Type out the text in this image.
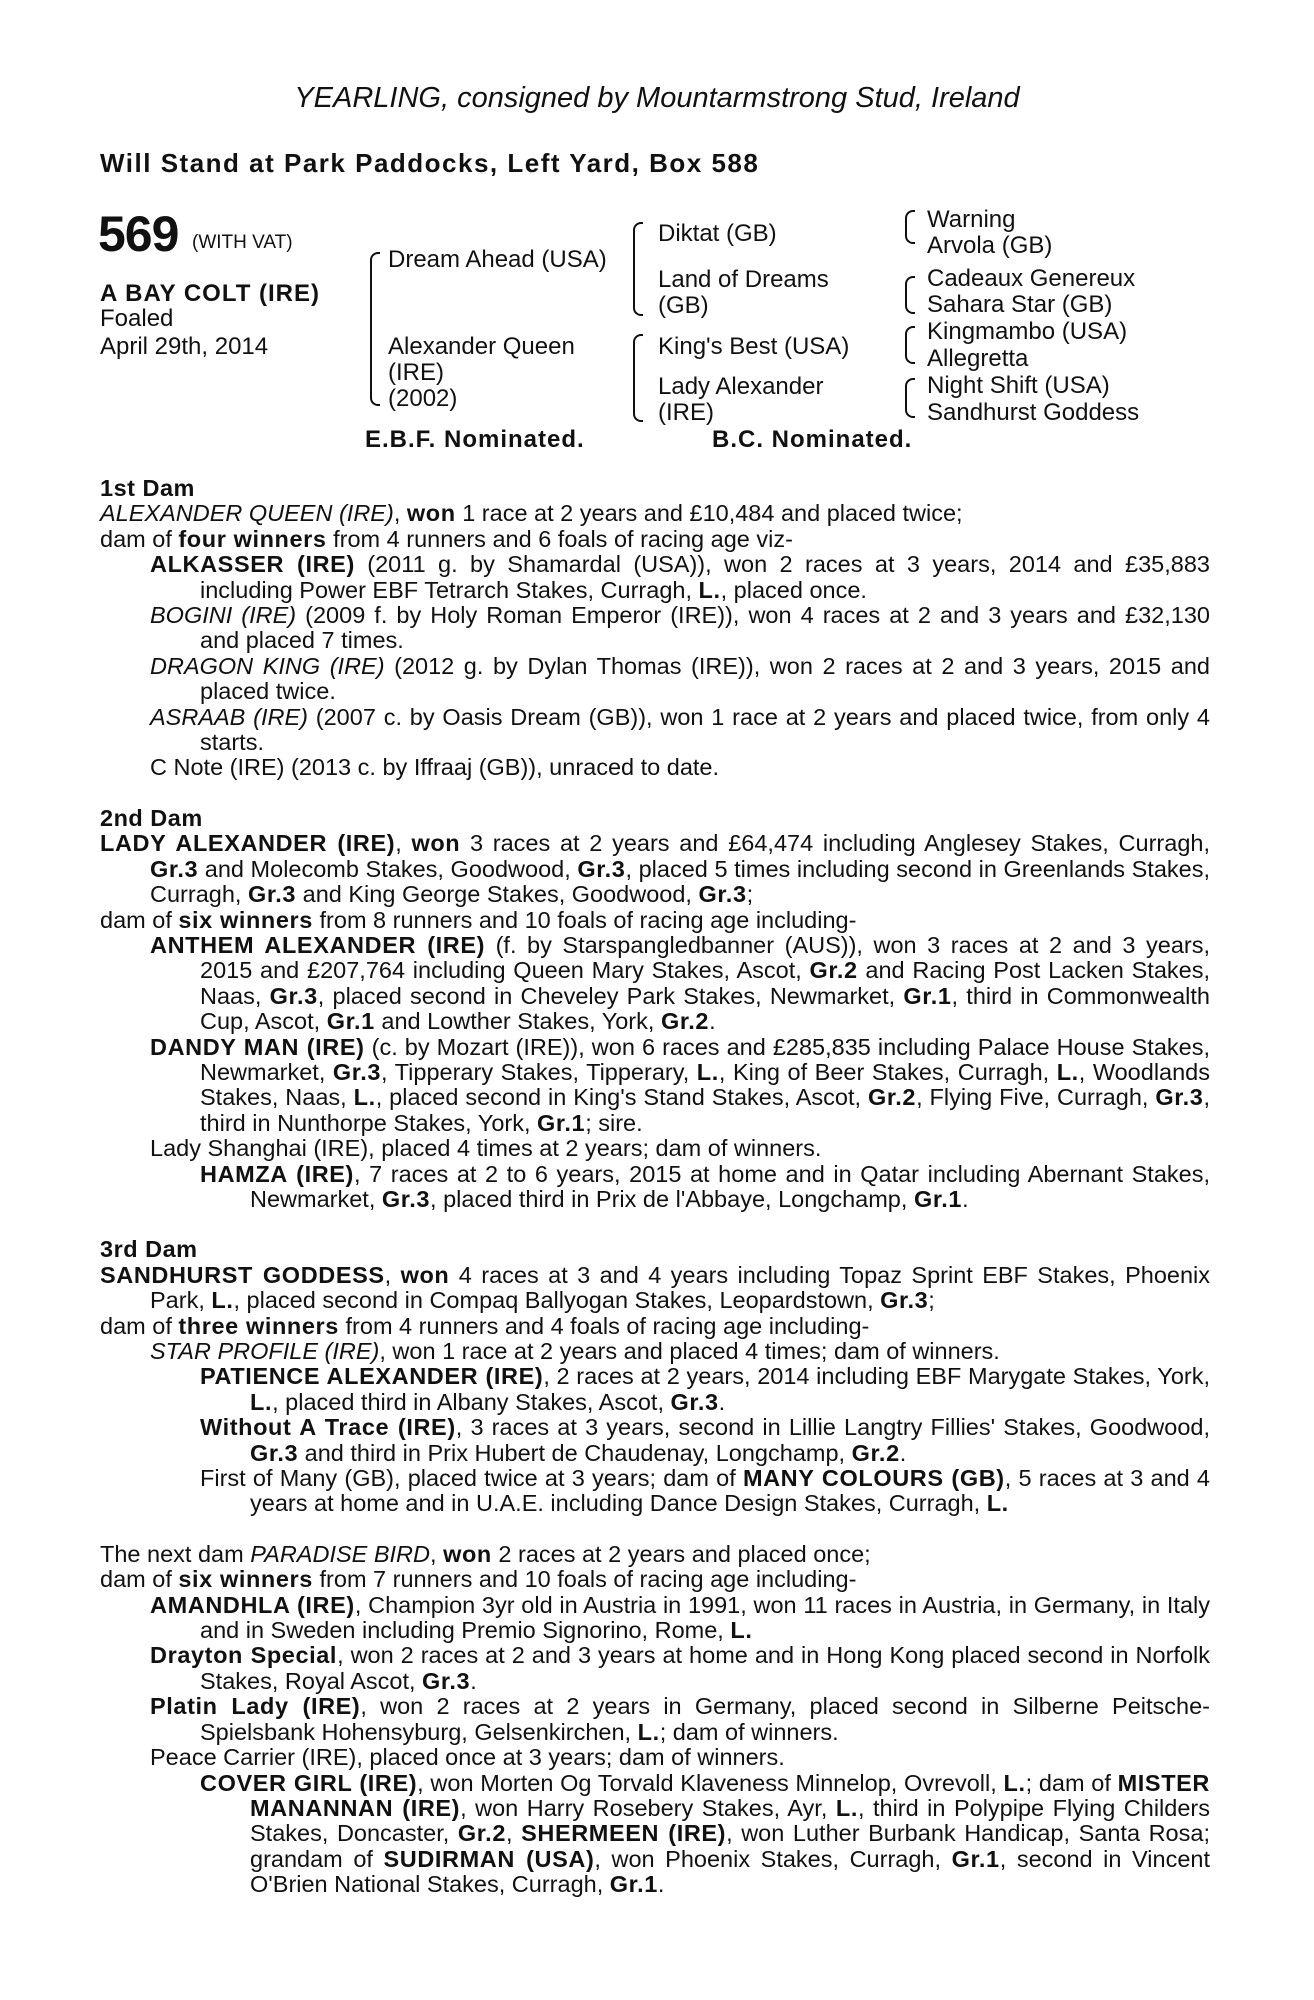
YEARLING, consigned by Mountarmstrong Stud, Ireland
Will Stand at Park Paddocks, Left Yard, Box 588
569 (WITH VAT)
A BAY COLT (IRE)
Foaled
April 29th, 2014
Dream Ahead (USA)
Alexander Queen
(IRE)
(2002)
Diktat (GB)
Land of Dreams
(GB)
King's Best (USA)
Lady Alexander
(IRE)
Warning
Arvola (GB)
Cadeaux Genereux
Sahara Star (GB)
Kingmambo (USA)
Allegretta
Night Shift (USA)
Sandhurst Goddess
E.B.F. Nominated.	B.C. Nominated.

1st Dam

ALEXANDER QUEEN (IRE), won 1 race at 2 years and £10,484 and placed twice;

dam of four winners from 4 runners and 6 foals of racing age viz-

ALKASSER (IRE) (2011 g. by Shamardal (USA)), won 2 races at 3 years, 2014 and £35,883 including Power EBF Tetrarch Stakes, Curragh, L., placed once.

BOGINI (IRE) (2009 f. by Holy Roman Emperor (IRE)), won 4 races at 2 and 3 years and £32,130 and placed 7 times.

DRAGON KING (IRE) (2012 g. by Dylan Thomas (IRE)), won 2 races at 2 and 3 years, 2015 and placed twice.

ASRAAB (IRE) (2007 c. by Oasis Dream (GB)), won 1 race at 2 years and placed twice, from only 4 starts.

C Note (IRE) (2013 c. by Iffraaj (GB)), unraced to date.

2nd Dam

LADY ALEXANDER (IRE), won 3 races at 2 years and £64,474 including Anglesey Stakes, Curragh, Gr.3 and Molecomb Stakes, Goodwood, Gr.3, placed 5 times including second in Greenlands Stakes, Curragh, Gr.3 and King George Stakes, Goodwood, Gr.3;

dam of six winners from 8 runners and 10 foals of racing age including-

ANTHEM ALEXANDER (IRE) (f. by Starspangledbanner (AUS)), won 3 races at 2 and 3 years, 2015 and £207,764 including Queen Mary Stakes, Ascot, Gr.2 and Racing Post Lacken Stakes, Naas, Gr.3, placed second in Cheveley Park Stakes, Newmarket, Gr.1, third in Commonwealth Cup, Ascot, Gr.1 and Lowther Stakes, York, Gr.2.

DANDY MAN (IRE) (c. by Mozart (IRE)), won 6 races and £285,835 including Palace House Stakes, Newmarket, Gr.3, Tipperary Stakes, Tipperary, L., King of Beer Stakes, Curragh, L., Woodlands Stakes, Naas, L., placed second in King's Stand Stakes, Ascot, Gr.2, Flying Five, Curragh, Gr.3, third in Nunthorpe Stakes, York, Gr.1; sire.

Lady Shanghai (IRE), placed 4 times at 2 years; dam of winners.

HAMZA (IRE), 7 races at 2 to 6 years, 2015 at home and in Qatar including Abernant Stakes, Newmarket, Gr.3, placed third in Prix de l'Abbaye, Longchamp, Gr.1.

3rd Dam

SANDHURST GODDESS, won 4 races at 3 and 4 years including Topaz Sprint EBF Stakes, Phoenix Park, L., placed second in Compaq Ballyogan Stakes, Leopardstown, Gr.3;

dam of three winners from 4 runners and 4 foals of racing age including-

STAR PROFILE (IRE), won 1 race at 2 years and placed 4 times; dam of winners.

PATIENCE ALEXANDER (IRE), 2 races at 2 years, 2014 including EBF Marygate Stakes, York, L., placed third in Albany Stakes, Ascot, Gr.3.

Without A Trace (IRE), 3 races at 3 years, second in Lillie Langtry Fillies' Stakes, Goodwood, Gr.3 and third in Prix Hubert de Chaudenay, Longchamp, Gr.2.

First of Many (GB), placed twice at 3 years; dam of MANY COLOURS (GB), 5 races at 3 and 4 years at home and in U.A.E. including Dance Design Stakes, Curragh, L.

The next dam PARADISE BIRD, won 2 races at 2 years and placed once;

dam of six winners from 7 runners and 10 foals of racing age including-

AMANDHLA (IRE), Champion 3yr old in Austria in 1991, won 11 races in Austria, in Germany, in Italy and in Sweden including Premio Signorino, Rome, L.

Drayton Special, won 2 races at 2 and 3 years at home and in Hong Kong placed second in Norfolk Stakes, Royal Ascot, Gr.3.

Platin Lady (IRE), won 2 races at 2 years in Germany, placed second in Silberne Peitsche-Spielsbank Hohensyburg, Gelsenkirchen, L.; dam of winners.

Peace Carrier (IRE), placed once at 3 years; dam of winners.

COVER GIRL (IRE), won Morten Og Torvald Klaveness Minnelop, Ovrevoll, L.; dam of MISTER MANANNAN (IRE), won Harry Rosebery Stakes, Ayr, L., third in Polypipe Flying Childers Stakes, Doncaster, Gr.2, SHERMEEN (IRE), won Luther Burbank Handicap, Santa Rosa; grandam of SUDIRMAN (USA), won Phoenix Stakes, Curragh, Gr.1, second in Vincent O'Brien National Stakes, Curragh, Gr.1.
